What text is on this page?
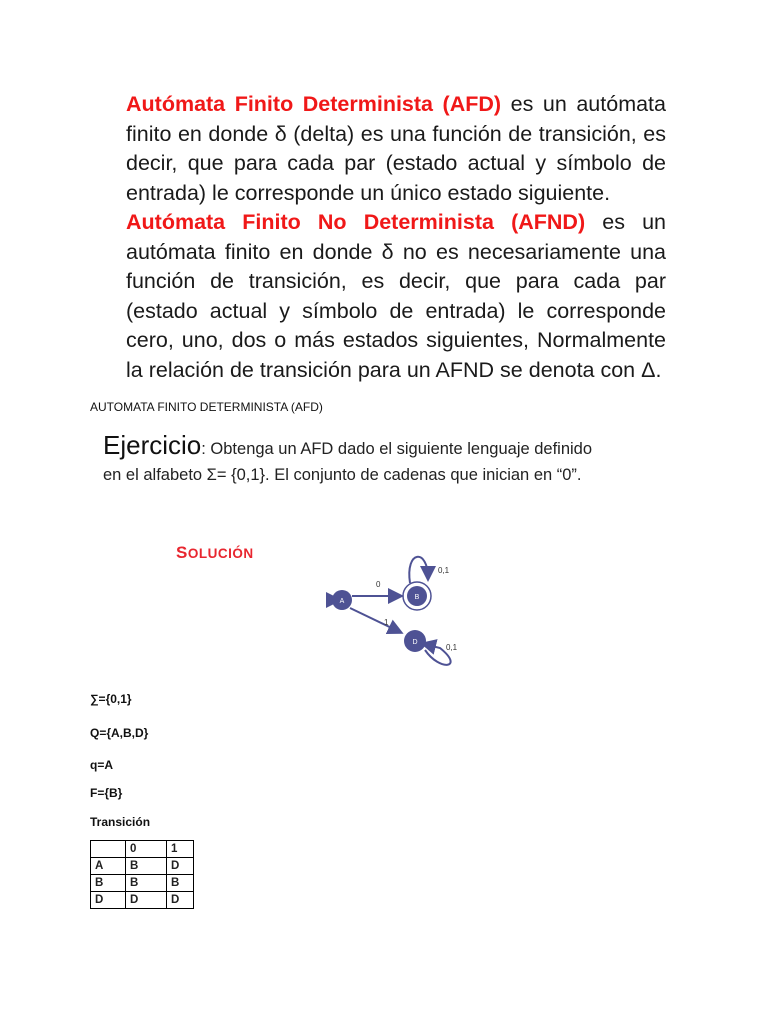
Autómata Finito Determinista (AFD) es un autómata finito en donde δ (delta) es una función de transición, es decir, que para cada par (estado actual y símbolo de entrada) le corresponde un único estado siguiente.

Autómata Finito No Determinista (AFND) es un autómata finito en donde δ no es necesariamente una función de transición, es decir, que para cada par (estado actual y símbolo de entrada) le corresponde cero, uno, dos o más estados siguientes, Normalmente la relación de transición para un AFND se denota con Δ.

AUTOMATA FINITO DETERMINISTA (AFD)
Ejercicio: Obtenga un AFD dado el siguiente lenguaje definido
en el alfabeto Σ= {0,1}. El conjunto de cadenas que inician en “0”.
SOLUCIÓN
A
B
D
0
1
0,1
0,1
∑={0,1}
Q={A,B,D}
q=A
F={B}
Transición
	0	1
A	B	D
B	B	B
D	D	D
